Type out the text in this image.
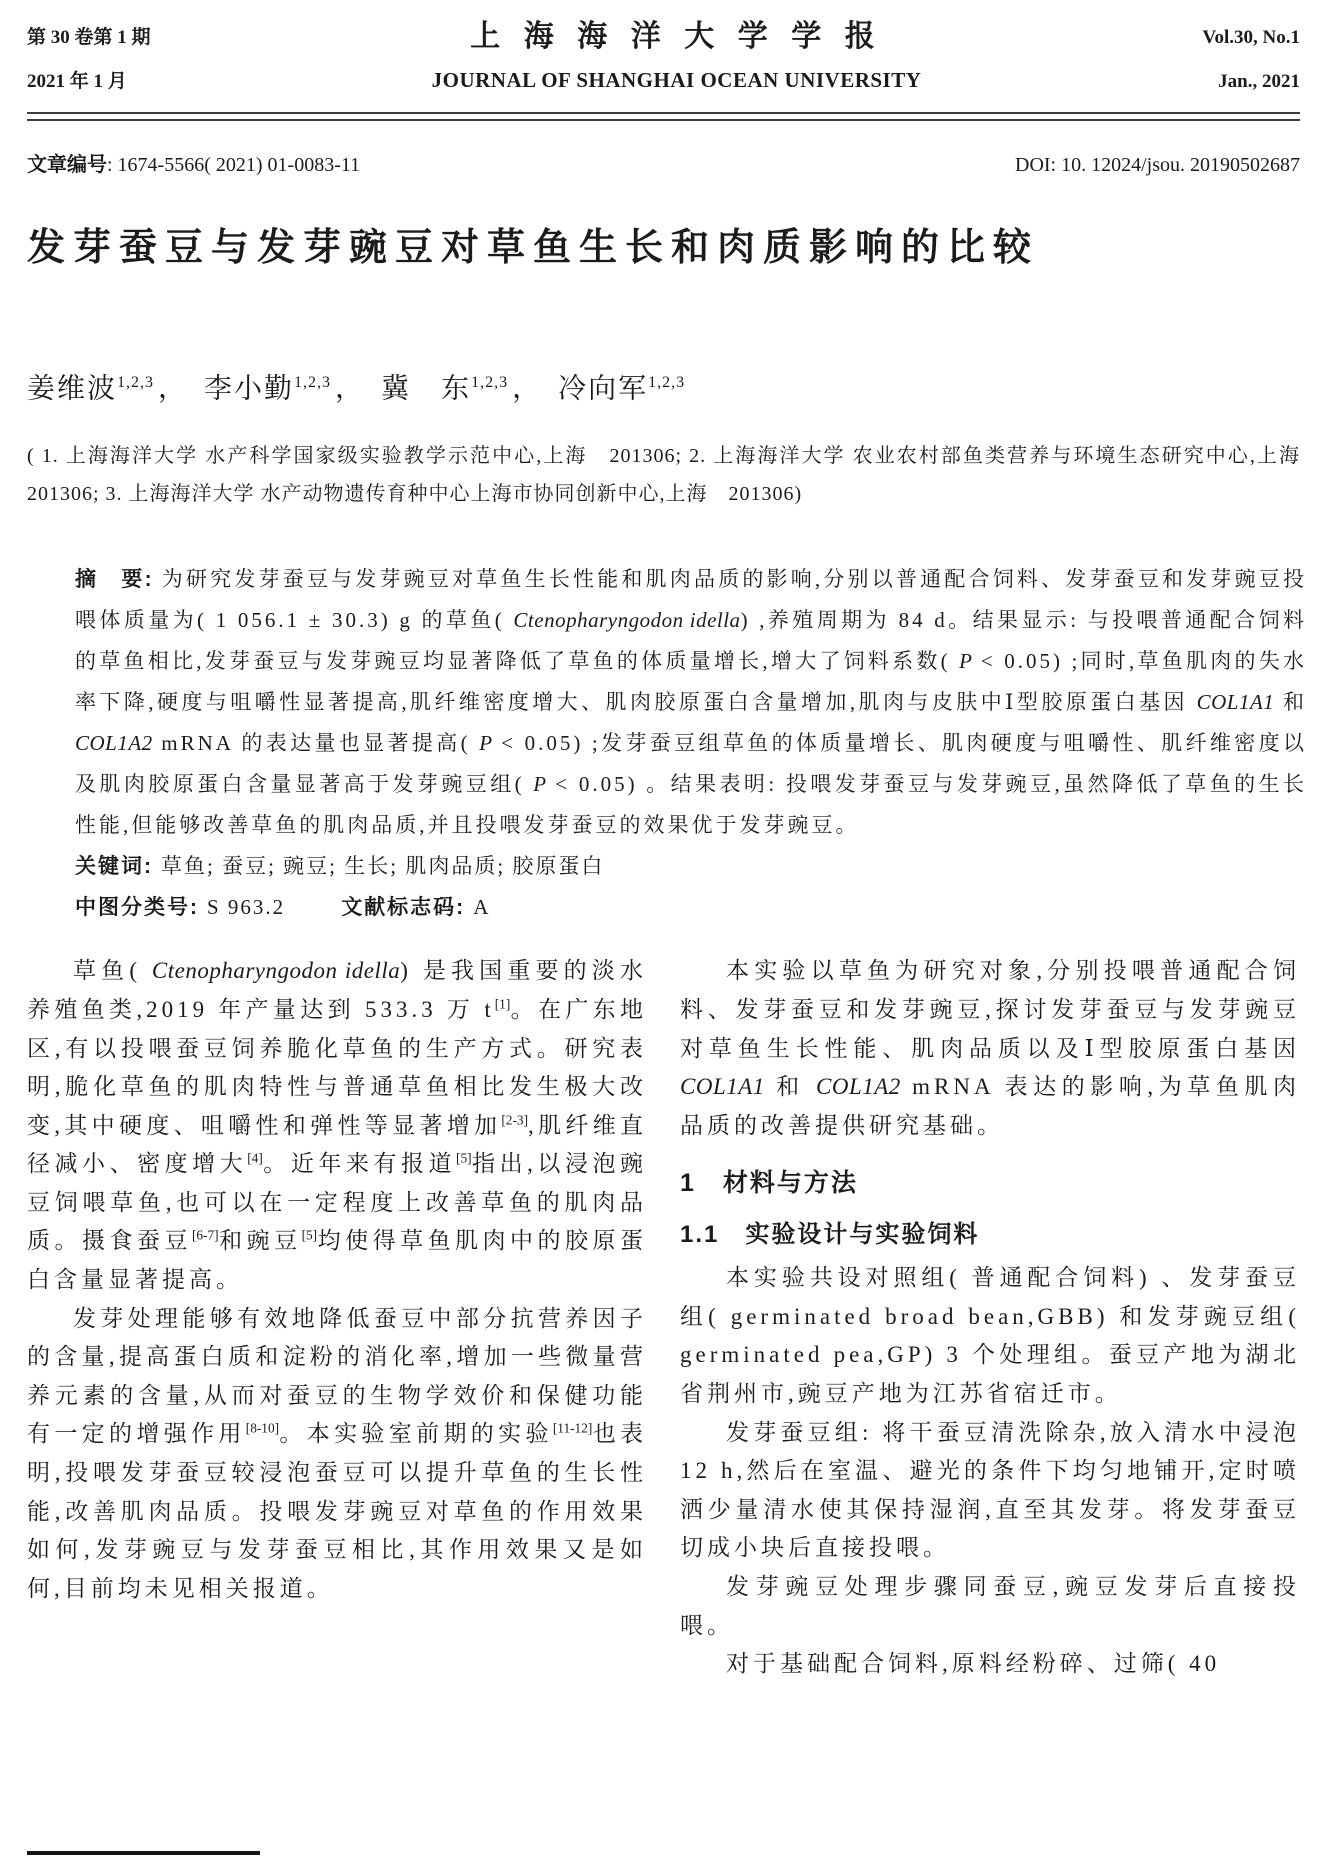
第 30 卷第 1 期
2021 年 1 月
上 海 海 洋 大 学 学 报
JOURNAL OF SHANGHAI OCEAN UNIVERSITY
Vol.30, No.1
Jan., 2021
文章编号: 1674-5566( 2021) 01-0083-11	DOI: 10. 12024/jsou. 20190502687
发芽蚕豆与发芽豌豆对草鱼生长和肉质影响的比较
姜维波$^{1,2,3}$ ， 李小勤$^{1,2,3}$ ， 冀　东$^{1,2,3}$ ， 冷向军$^{1,2,3}$
( 1. 上海海洋大学 水产科学国家级实验教学示范中心,上海　201306; 2. 上海海洋大学 农业农村部鱼类营养与环境生态研究中心,上海　201306; 3. 上海海洋大学 水产动物遗传育种中心上海市协同创新中心,上海　201306)

摘　要: 为研究发芽蚕豆与发芽豌豆对草鱼生长性能和肌肉品质的影响,分别以普通配合饲料、发芽蚕豆和发芽豌豆投喂体质量为( 1 056.1 ± 30.3) g 的草鱼( Ctenopharyngodon idella) ,养殖周期为 84 d。结果显示: 与投喂普通配合饲料的草鱼相比,发芽蚕豆与发芽豌豆均显著降低了草鱼的体质量增长,增大了饲料系数( P < 0.05) ;同时,草鱼肌肉的失水率下降,硬度与咀嚼性显著提高,肌纤维密度增大、肌肉胶原蛋白含量增加,肌肉与皮肤中Ⅰ型胶原蛋白基因 COL1A1 和 COL1A2 mRNA 的表达量也显著提高( P < 0.05) ;发芽蚕豆组草鱼的体质量增长、肌肉硬度与咀嚼性、肌纤维密度以及肌肉胶原蛋白含量显著高于发芽豌豆组( P < 0.05) 。结果表明: 投喂发芽蚕豆与发芽豌豆,虽然降低了草鱼的生长性能,但能够改善草鱼的肌肉品质,并且投喂发芽蚕豆的效果优于发芽豌豆。

关键词: 草鱼; 蚕豆; 豌豆; 生长; 肌肉品质; 胶原蛋白

中图分类号: S 963.2	文献标志码: A

草鱼( Ctenopharyngodon idella) 是我国重要的淡水养殖鱼类,2019 年产量达到 533.3 万 t[1]。在广东地区,有以投喂蚕豆饲养脆化草鱼的生产方式。研究表明,脆化草鱼的肌肉特性与普通草鱼相比发生极大改变,其中硬度、咀嚼性和弹性等显著增加[2-3],肌纤维直径减小、密度增大[4]。近年来有报道[5]指出,以浸泡豌豆饲喂草鱼,也可以在一定程度上改善草鱼的肌肉品质。摄食蚕豆[6-7]和豌豆[5]均使得草鱼肌肉中的胶原蛋白含量显著提高。

发芽处理能够有效地降低蚕豆中部分抗营养因子的含量,提高蛋白质和淀粉的消化率,增加一些微量营养元素的含量,从而对蚕豆的生物学效价和保健功能有一定的增强作用[8-10]。本实验室前期的实验[11-12]也表明,投喂发芽蚕豆较浸泡蚕豆可以提升草鱼的生长性能,改善肌肉品质。投喂发芽豌豆对草鱼的作用效果如何,发芽豌豆与发芽蚕豆相比,其作用效果又是如何,目前均未见相关报道。

本实验以草鱼为研究对象,分别投喂普通配合饲料、发芽蚕豆和发芽豌豆,探讨发芽蚕豆与发芽豌豆对草鱼生长性能、肌肉品质以及Ⅰ型胶原蛋白基因 COL1A1 和 COL1A2 mRNA 表达的影响,为草鱼肌肉品质的改善提供研究基础。

1　材料与方法
1.1　实验设计与实验饲料

本实验共设对照组( 普通配合饲料) 、发芽蚕豆组( germinated broad bean,GBB) 和发芽豌豆组( germinated pea,GP) 3 个处理组。蚕豆产地为湖北省荆州市,豌豆产地为江苏省宿迁市。

发芽蚕豆组: 将干蚕豆清洗除杂,放入清水中浸泡 12 h,然后在室温、避光的条件下均匀地铺开,定时喷洒少量清水使其保持湿润,直至其发芽。将发芽蚕豆切成小块后直接投喂。

发芽豌豆处理步骤同蚕豆,豌豆发芽后直接投喂。

对于基础配合饲料,原料经粉碎、过筛( 40
